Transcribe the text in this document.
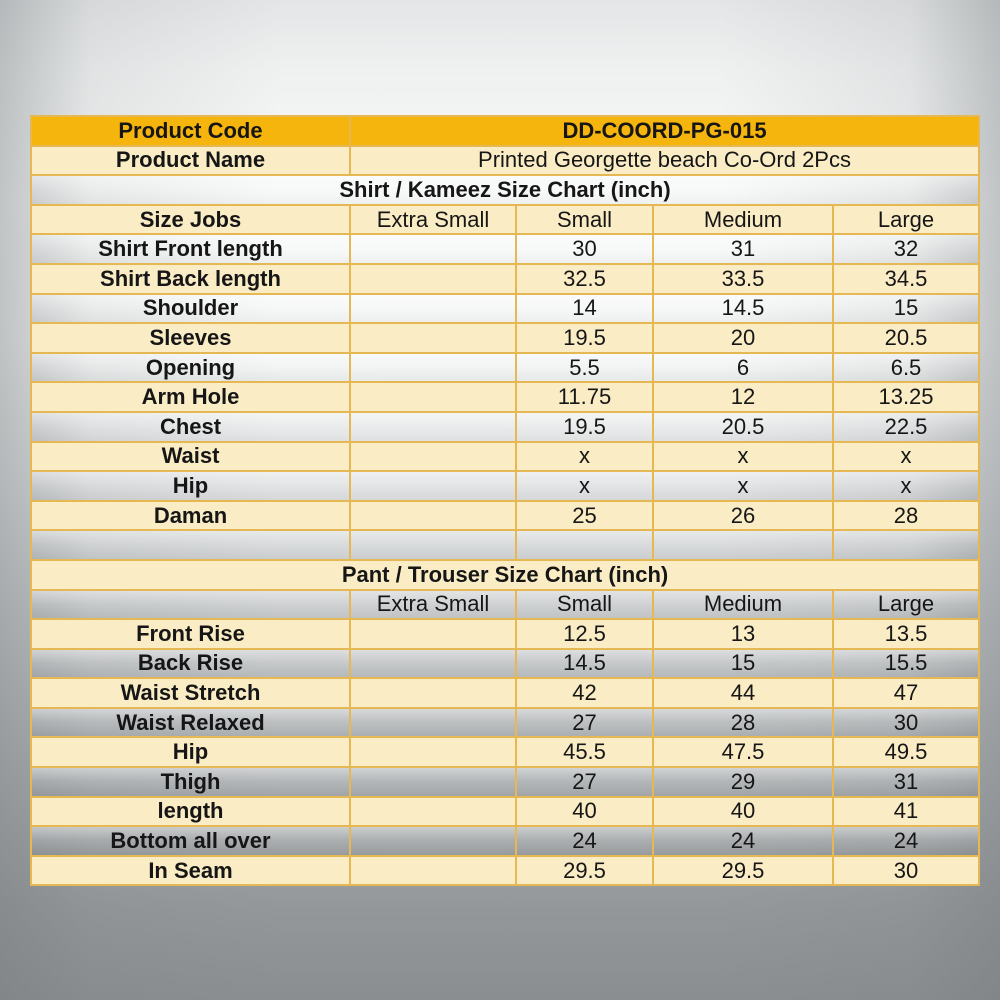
Product Code	DD-COORD-PG-015			
Product Name	Printed Georgette beach Co-Ord 2Pcs			
Shirt / Kameez Size Chart (inch)				
Size Jobs	Extra Small	Small	Medium	Large
Shirt Front length		30	31	32
Shirt Back length		32.5	33.5	34.5
Shoulder		14	14.5	15
Sleeves		19.5	20	20.5
Opening		5.5	6	6.5
Arm Hole		11.75	12	13.25
Chest		19.5	20.5	22.5
Waist		x	x	x
Hip		x	x	x
Daman		25	26	28

Pant / Trouser Size Chart (inch)				
	Extra Small	Small	Medium	Large
Front Rise		12.5	13	13.5
Back Rise		14.5	15	15.5
Waist Stretch		42	44	47
Waist Relaxed		27	28	30
Hip		45.5	47.5	49.5
Thigh		27	29	31
length		40	40	41
Bottom all over		24	24	24
In Seam		29.5	29.5	30
